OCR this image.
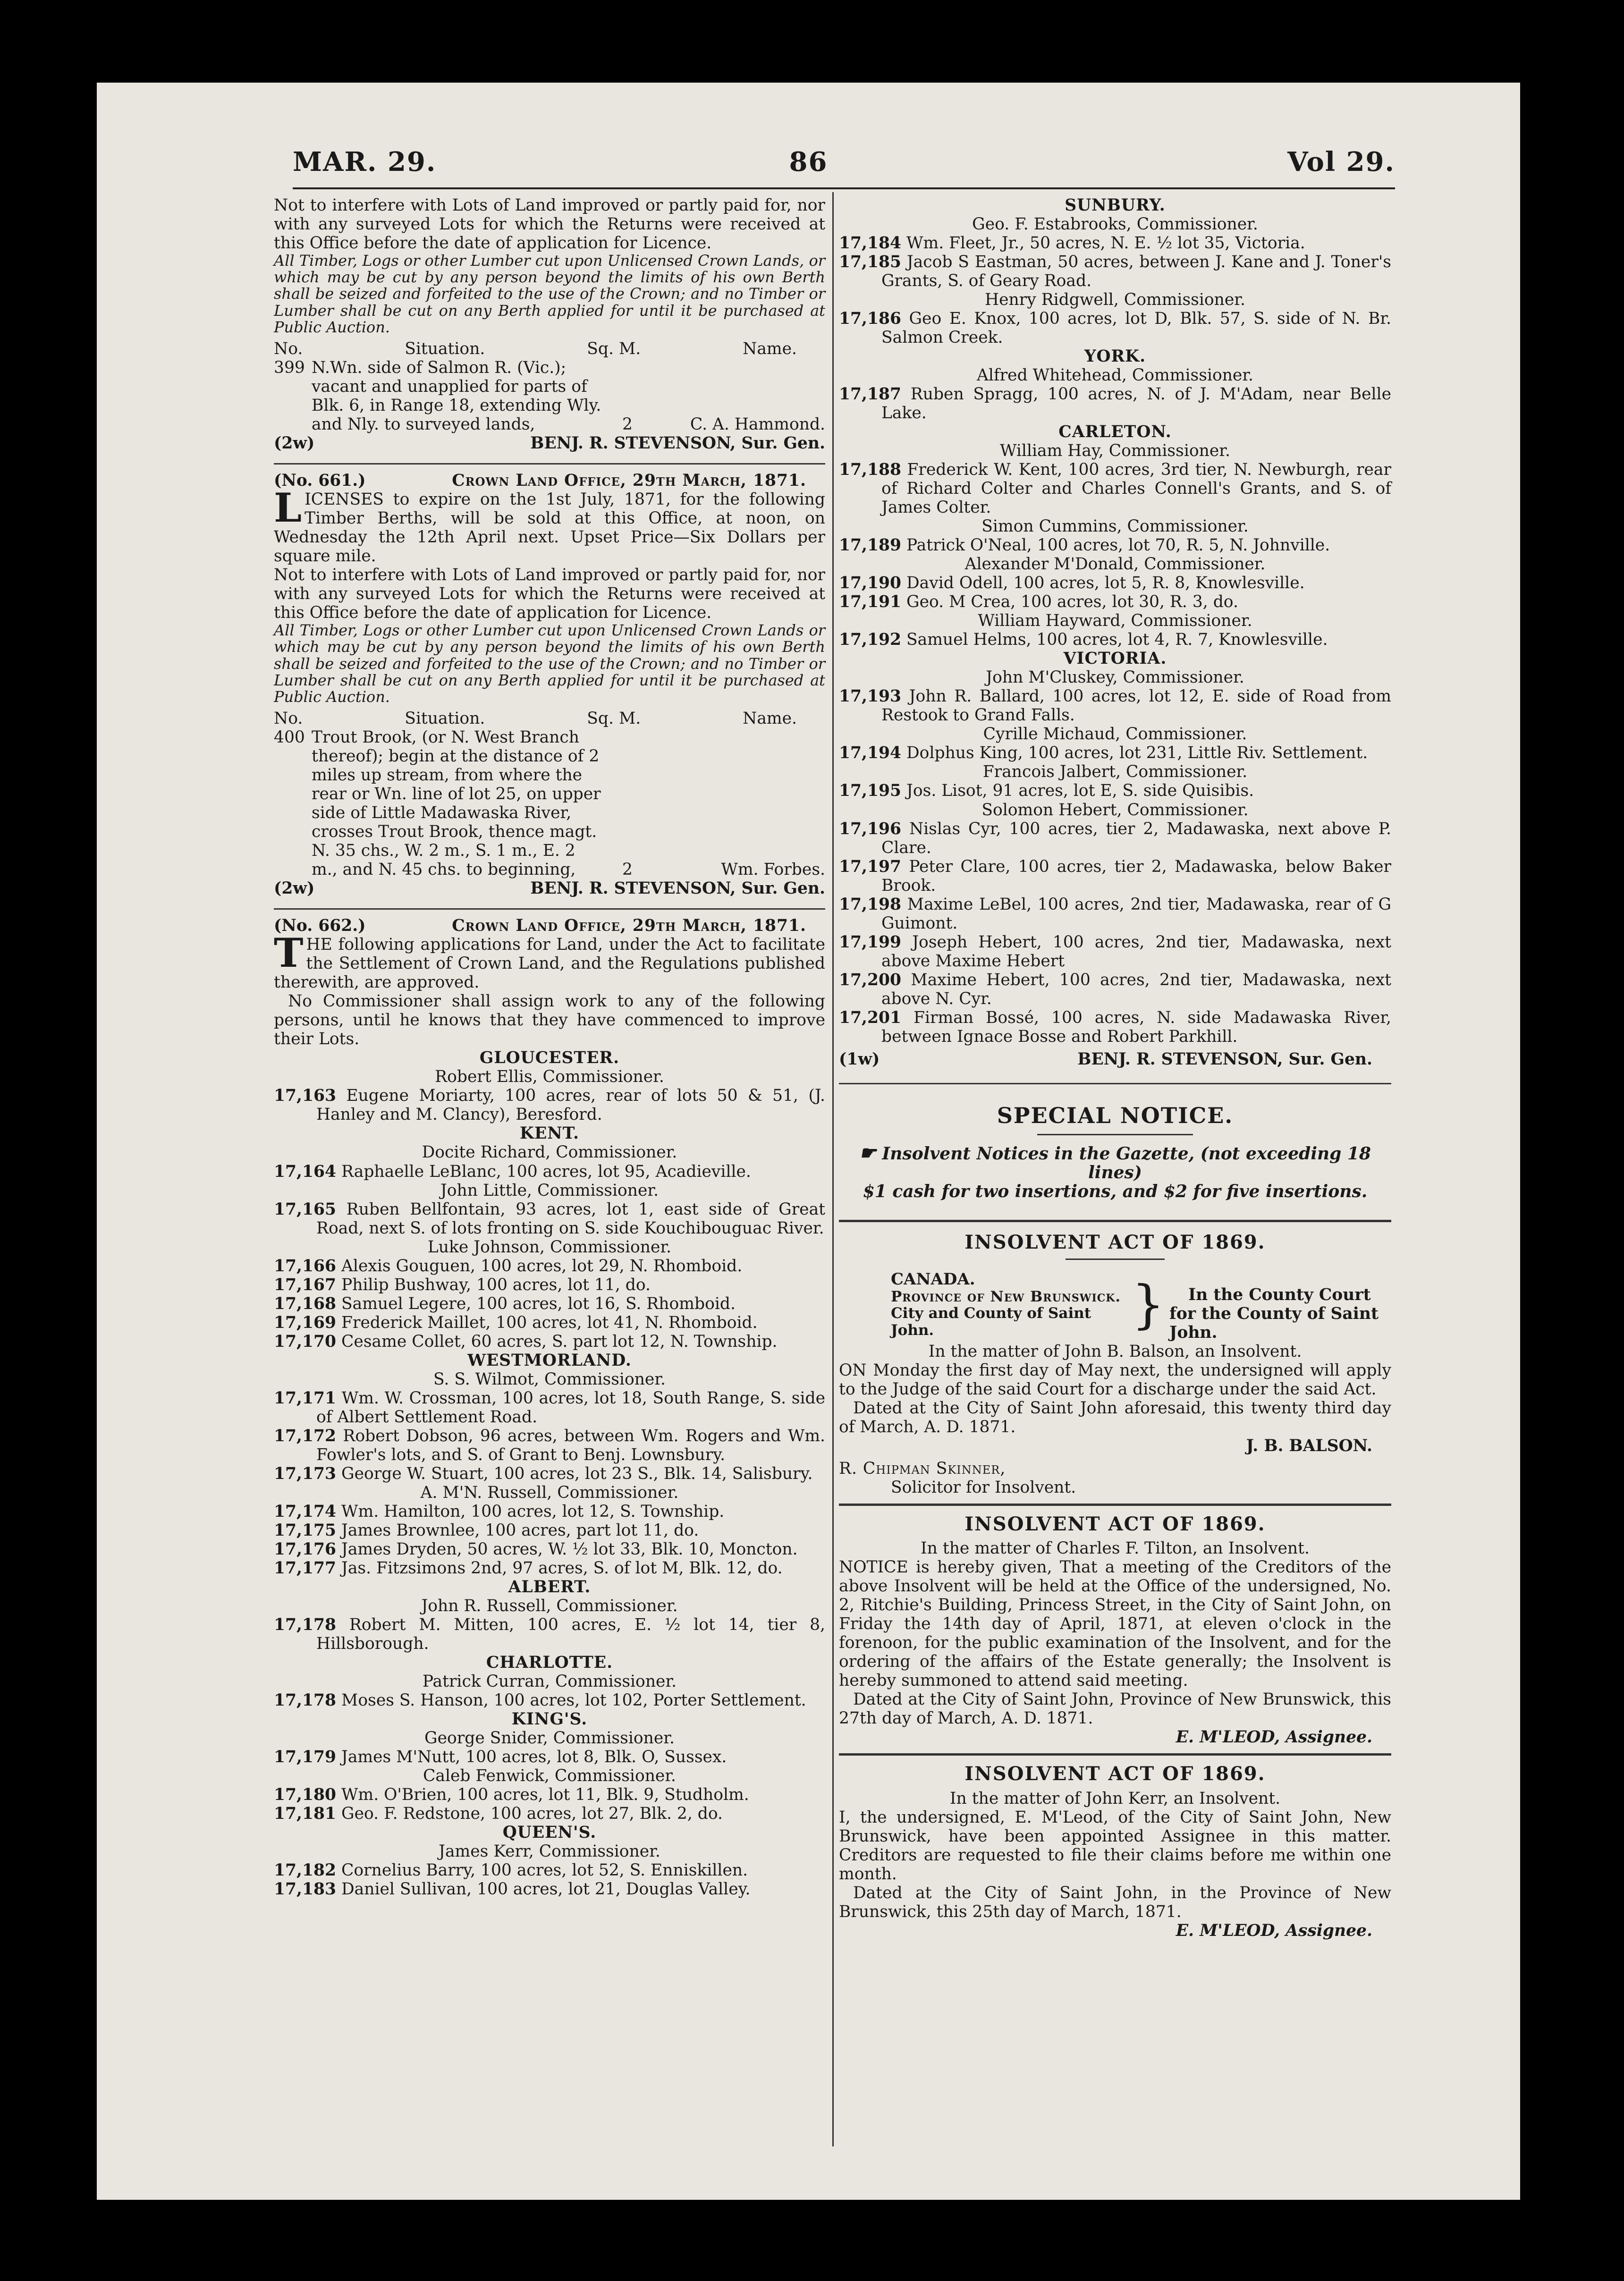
86
MAR. 29.	Vol 29.

Not to interfere with Lots of Land improved or partly paid for, nor with any surveyed Lots for which the Returns were received at this Office before the date of application for Licence.

All Timber, Logs or other Lumber cut upon Unlicensed Crown Lands, or which may be cut by any person beyond the limits of his own Berth shall be seized and forfeited to the use of the Crown; and no Timber or Lumber shall be cut on any Berth applied for until it be purchased at Public Auction.

No.	Situation.	Sq. M.	Name.
399 N.Wn. side of Salmon R. (Vic.); vacant and unapplied for parts of Blk. 6, in Range 18, extending Wly. and Nly. to surveyed lands,	2	C. A. Hammond.
(2w)	BENJ. R. STEVENSON, Sur. Gen.
(No. 661.)	Crown Land Office, 29th March, 1871.

LICENSES to expire on the 1st July, 1871, for the following Timber Berths, will be sold at this Office, at noon, on Wednesday the 12th April next. Upset Price—Six Dollars per square mile.

Not to interfere with Lots of Land improved or partly paid for, nor with any surveyed Lots for which the Returns were received at this Office before the date of application for Licence.

All Timber, Logs or other Lumber cut upon Unlicensed Crown Lands or which may be cut by any person beyond the limits of his own Berth shall be seized and forfeited to the use of the Crown; and no Timber or Lumber shall be cut on any Berth applied for until it be purchased at Public Auction.

No.	Situation.	Sq. M.	Name.
400 Trout Brook, (or N. West Branch thereof); begin at the distance of 2 miles up stream, from where the rear or Wn. line of lot 25, on upper side of Little Madawaska River, crosses Trout Brook, thence magt. N. 35 chs., W. 2 m., S. 1 m., E. 2 m., and N. 45 chs. to beginning,	2	Wm. Forbes.
(2w)	BENJ. R. STEVENSON, Sur. Gen.
(No. 662.)	Crown Land Office, 29th March, 1871.

THE following applications for Land, under the Act to facilitate the Settlement of Crown Land, and the Regulations published therewith, are approved.

No Commissioner shall assign work to any of the following persons, until he knows that they have commenced to improve their Lots.

GLOUCESTER.
Robert Ellis, Commissioner.

17,163 Eugene Moriarty, 100 acres, rear of lots 50 & 51, (J. Hanley and M. Clancy), Beresford.

KENT.
Docite Richard, Commissioner.

17,164 Raphaelle LeBlanc, 100 acres, lot 95, Acadieville.

John Little, Commissioner.

17,165 Ruben Bellfontain, 93 acres, lot 1, east side of Great Road, next S. of lots fronting on S. side Kouchibouguac River.

Luke Johnson, Commissioner.

17,166 Alexis Gouguen, 100 acres, lot 29, N. Rhomboid.

17,167 Philip Bushway, 100 acres, lot 11, do.

17,168 Samuel Legere, 100 acres, lot 16, S. Rhomboid.

17,169 Frederick Maillet, 100 acres, lot 41, N. Rhomboid.

17,170 Cesame Collet, 60 acres, S. part lot 12, N. Township.

WESTMORLAND.
S. S. Wilmot, Commissioner.

17,171 Wm. W. Crossman, 100 acres, lot 18, South Range, S. side of Albert Settlement Road.

17,172 Robert Dobson, 96 acres, between Wm. Rogers and Wm. Fowler's lots, and S. of Grant to Benj. Lownsbury.

17,173 George W. Stuart, 100 acres, lot 23 S., Blk. 14, Salisbury.

A. M'N. Russell, Commissioner.

17,174 Wm. Hamilton, 100 acres, lot 12, S. Township.

17,175 James Brownlee, 100 acres, part lot 11, do.

17,176 James Dryden, 50 acres, W. ½ lot 33, Blk. 10, Moncton.

17,177 Jas. Fitzsimons 2nd, 97 acres, S. of lot M, Blk. 12, do.

ALBERT.
John R. Russell, Commissioner.

17,178 Robert M. Mitten, 100 acres, E. ½ lot 14, tier 8, Hillsborough.

CHARLOTTE.
Patrick Curran, Commissioner.

17,178 Moses S. Hanson, 100 acres, lot 102, Porter Settlement.

KING'S.
George Snider, Commissioner.

17,179 James M'Nutt, 100 acres, lot 8, Blk. O, Sussex.

Caleb Fenwick, Commissioner.

17,180 Wm. O'Brien, 100 acres, lot 11, Blk. 9, Studholm.

17,181 Geo. F. Redstone, 100 acres, lot 27, Blk. 2, do.

QUEEN'S.
James Kerr, Commissioner.

17,182 Cornelius Barry, 100 acres, lot 52, S. Enniskillen.

17,183 Daniel Sullivan, 100 acres, lot 21, Douglas Valley.

SUNBURY.
Geo. F. Estabrooks, Commissioner.

17,184 Wm. Fleet, Jr., 50 acres, N. E. ½ lot 35, Victoria.

17,185 Jacob S Eastman, 50 acres, between J. Kane and J. Toner's Grants, S. of Geary Road.

Henry Ridgwell, Commissioner.

17,186 Geo E. Knox, 100 acres, lot D, Blk. 57, S. side of N. Br. Salmon Creek.

YORK.
Alfred Whitehead, Commissioner.

17,187 Ruben Spragg, 100 acres, N. of J. M'Adam, near Belle Lake.

CARLETON.
William Hay, Commissioner.

17,188 Frederick W. Kent, 100 acres, 3rd tier, N. Newburgh, rear of Richard Colter and Charles Connell's Grants, and S. of James Colter.

Simon Cummins, Commissioner.

17,189 Patrick O'Neal, 100 acres, lot 70, R. 5, N. Johnville.

Alexander M'Donald, Commissioner.

17,190 David Odell, 100 acres, lot 5, R. 8, Knowlesville.

17,191 Geo. M Crea, 100 acres, lot 30, R. 3, do.

William Hayward, Commissioner.

17,192 Samuel Helms, 100 acres, lot 4, R. 7, Knowlesville.

VICTORIA.
John M'Cluskey, Commissioner.

17,193 John R. Ballard, 100 acres, lot 12, E. side of Road from Restook to Grand Falls.

Cyrille Michaud, Commissioner.

17,194 Dolphus King, 100 acres, lot 231, Little Riv. Settlement.

Francois Jalbert, Commissioner.

17,195 Jos. Lisot, 91 acres, lot E, S. side Quisibis.

Solomon Hebert, Commissioner.

17,196 Nislas Cyr, 100 acres, tier 2, Madawaska, next above P. Clare.

17,197 Peter Clare, 100 acres, tier 2, Madawaska, below Baker Brook.

17,198 Maxime LeBel, 100 acres, 2nd tier, Madawaska, rear of G Guimont.

17,199 Joseph Hebert, 100 acres, 2nd tier, Madawaska, next above Maxime Hebert

17,200 Maxime Hebert, 100 acres, 2nd tier, Madawaska, next above N. Cyr.

17,201 Firman Bossé, 100 acres, N. side Madawaska River, between Ignace Bosse and Robert Parkhill.

(1w)	BENJ. R. STEVENSON, Sur. Gen.
SPECIAL NOTICE.

☛ Insolvent Notices in the Gazette, (not exceeding 18 lines)

$1 cash for two insertions, and $2 for five insertions.

INSOLVENT ACT OF 1869.
CANADA.
Province of New Brunswick.
City and County of Saint John.	}	In the County Court
for the County of Saint John.

In the matter of John B. Balson, an Insolvent.

ON Monday the first day of May next, the undersigned will apply to the Judge of the said Court for a discharge under the said Act.

Dated at the City of Saint John aforesaid, this twenty third day of March, A. D. 1871.

J. B. BALSON.

R. Chipman Skinner,

Solicitor for Insolvent.

INSOLVENT ACT OF 1869.

In the matter of Charles F. Tilton, an Insolvent.

NOTICE is hereby given, That a meeting of the Creditors of the above Insolvent will be held at the Office of the undersigned, No. 2, Ritchie's Building, Princess Street, in the City of Saint John, on Friday the 14th day of April, 1871, at eleven o'clock in the forenoon, for the public examination of the Insolvent, and for the ordering of the affairs of the Estate generally; the Insolvent is hereby summoned to attend said meeting.

Dated at the City of Saint John, Province of New Brunswick, this 27th day of March, A. D. 1871.

E. M'LEOD, Assignee.

INSOLVENT ACT OF 1869.

In the matter of John Kerr, an Insolvent.

I, the undersigned, E. M'Leod, of the City of Saint John, New Brunswick, have been appointed Assignee in this matter. Creditors are requested to file their claims before me within one month.

Dated at the City of Saint John, in the Province of New Brunswick, this 25th day of March, 1871.

E. M'LEOD, Assignee.
